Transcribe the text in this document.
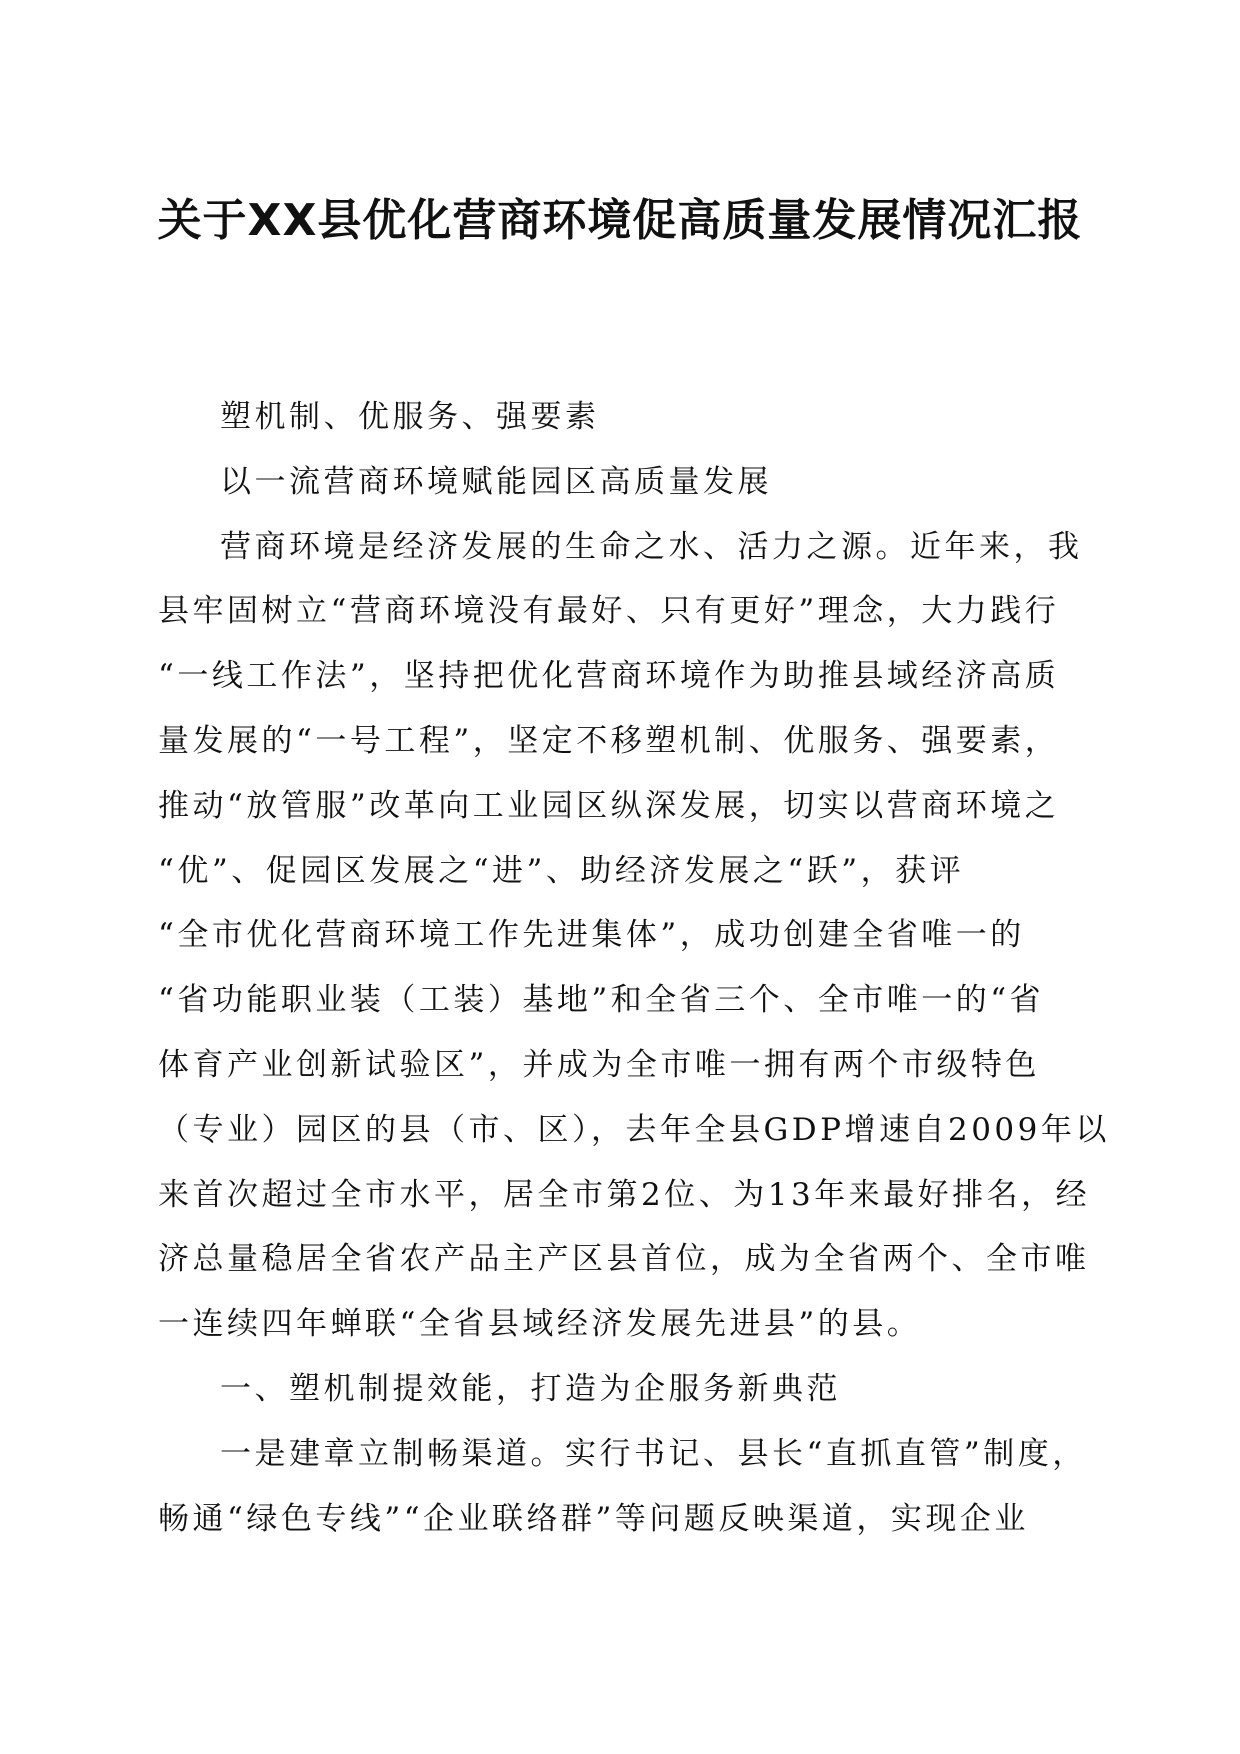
关于XX县优化营商环境促高质量发展情况汇报

塑机制、优服务、强要素

以一流营商环境赋能园区高质量发展

营商环境是经济发展的生命之水、活力之源。近年来，我
县牢固树立“营商环境没有最好、只有更好”理念，大力践行
“一线工作法”，坚持把优化营商环境作为助推县域经济高质
量发展的“一号工程”，坚定不移塑机制、优服务、强要素，
推动“放管服”改革向工业园区纵深发展，切实以营商环境之
“优”、促园区发展之“进”、助经济发展之“跃”，获评
“全市优化营商环境工作先进集体”，成功创建全省唯一的
“省功能职业装（工装）基地”和全省三个、全市唯一的“省
体育产业创新试验区”，并成为全市唯一拥有两个市级特色
（专业）园区的县（市、区），去年全县GDP增速自2009年以
来首次超过全市水平，居全市第2位、为13年来最好排名，经
济总量稳居全省农产品主产区县首位，成为全省两个、全市唯
一连续四年蝉联“全省县域经济发展先进县”的县。

一、塑机制提效能，打造为企服务新典范

一是建章立制畅渠道。实行书记、县长“直抓直管”制度，
畅通“绿色专线”“企业联络群”等问题反映渠道，实现企业
